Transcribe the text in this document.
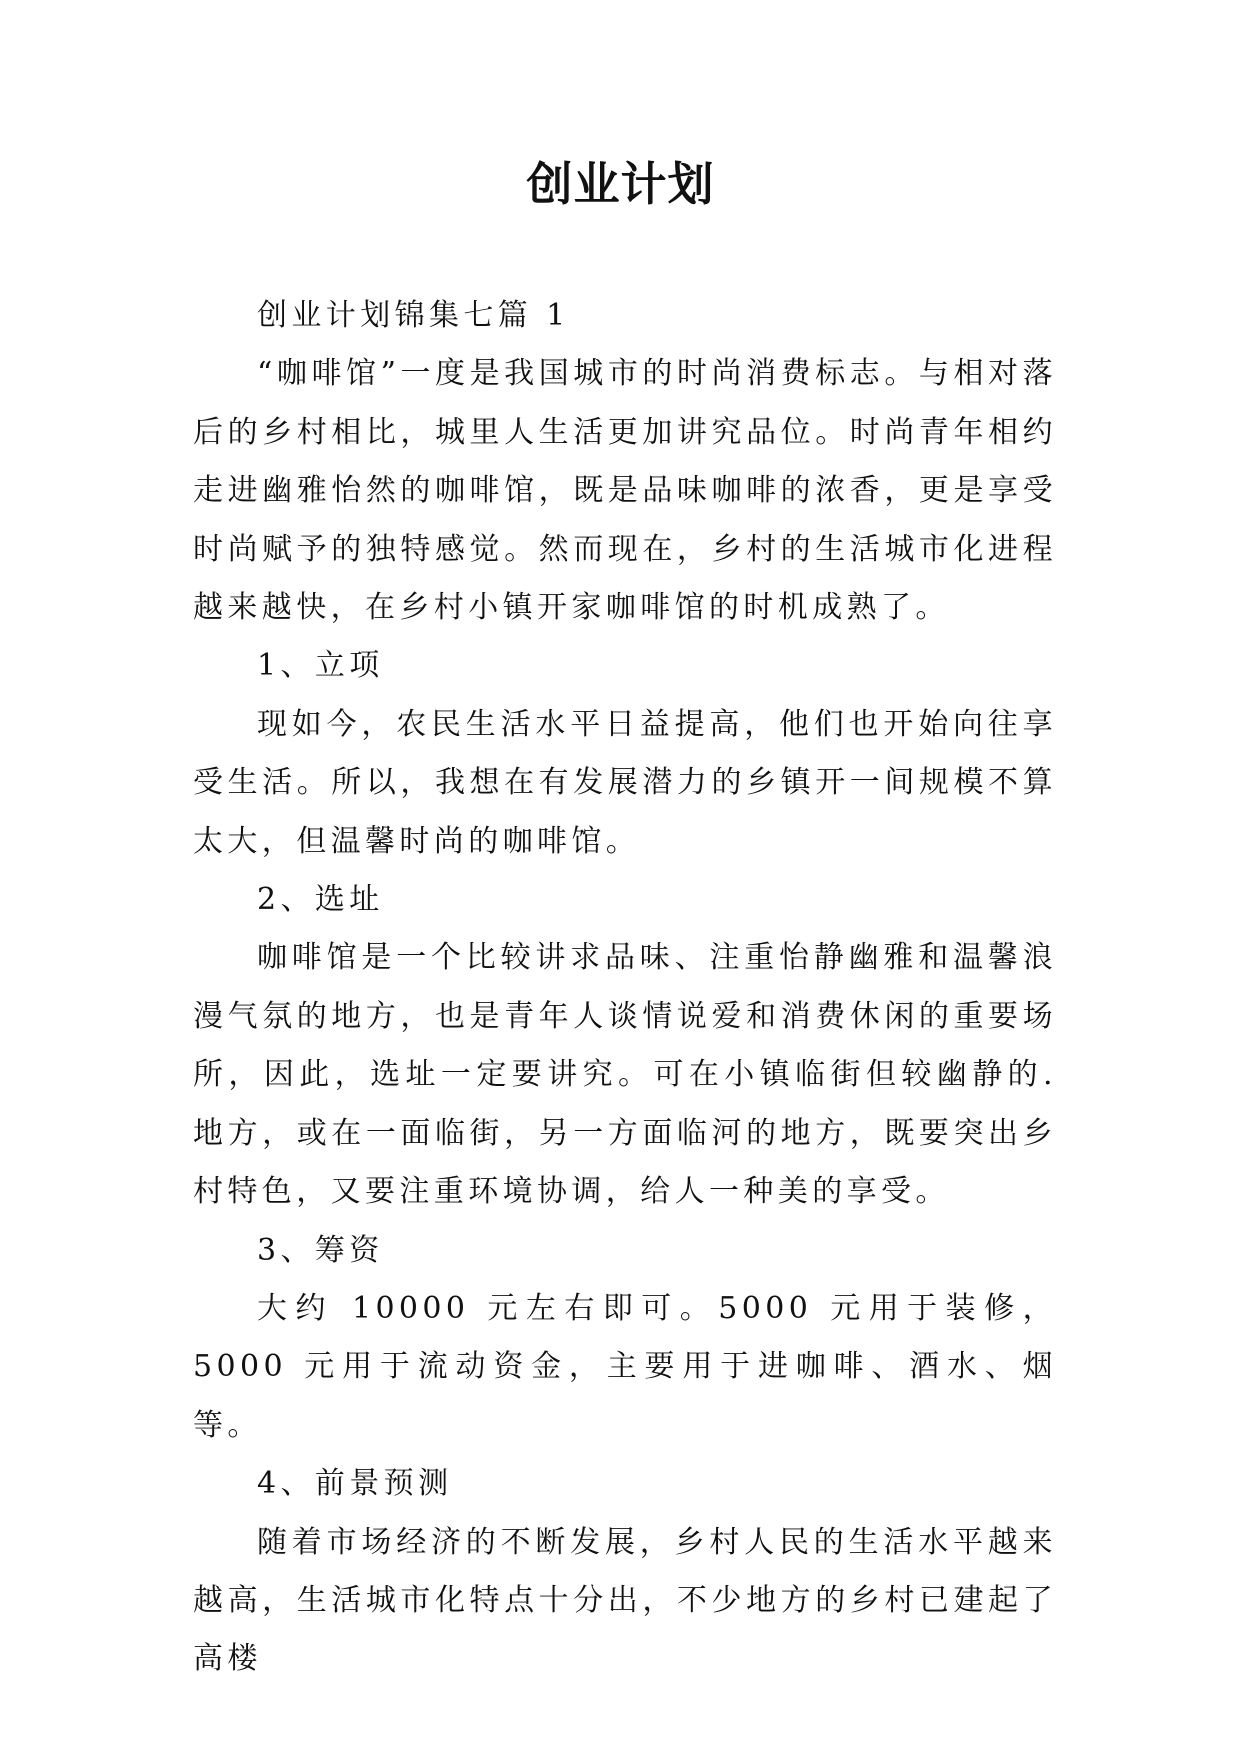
创业计划

创业计划锦集七篇 1

“咖啡馆”一度是我国城市的时尚消费标志。与相对落后的乡村相比，城里人生活更加讲究品位。时尚青年相约走进幽雅怡然的咖啡馆，既是品味咖啡的浓香，更是享受时尚赋予的独特感觉。然而现在，乡村的生活城市化进程越来越快，在乡村小镇开家咖啡馆的时机成熟了。

1、立项

现如今，农民生活水平日益提高，他们也开始向往享受生活。所以，我想在有发展潜力的乡镇开一间规模不算太大，但温馨时尚的咖啡馆。

2、选址

咖啡馆是一个比较讲求品味、注重怡静幽雅和温馨浪漫气氛的地方，也是青年人谈情说爱和消费休闲的重要场所，因此，选址一定要讲究。可在小镇临街但较幽静的.地方，或在一面临街，另一方面临河的地方，既要突出乡村特色，又要注重环境协调，给人一种美的享受。

3、筹资

大约 10000 元左右即可。5000 元用于装修，5000 元用于流动资金，主要用于进咖啡、酒水、烟等。

4、前景预测

随着市场经济的不断发展，乡村人民的生活水平越来越高，生活城市化特点十分出，不少地方的乡村已建起了高楼
